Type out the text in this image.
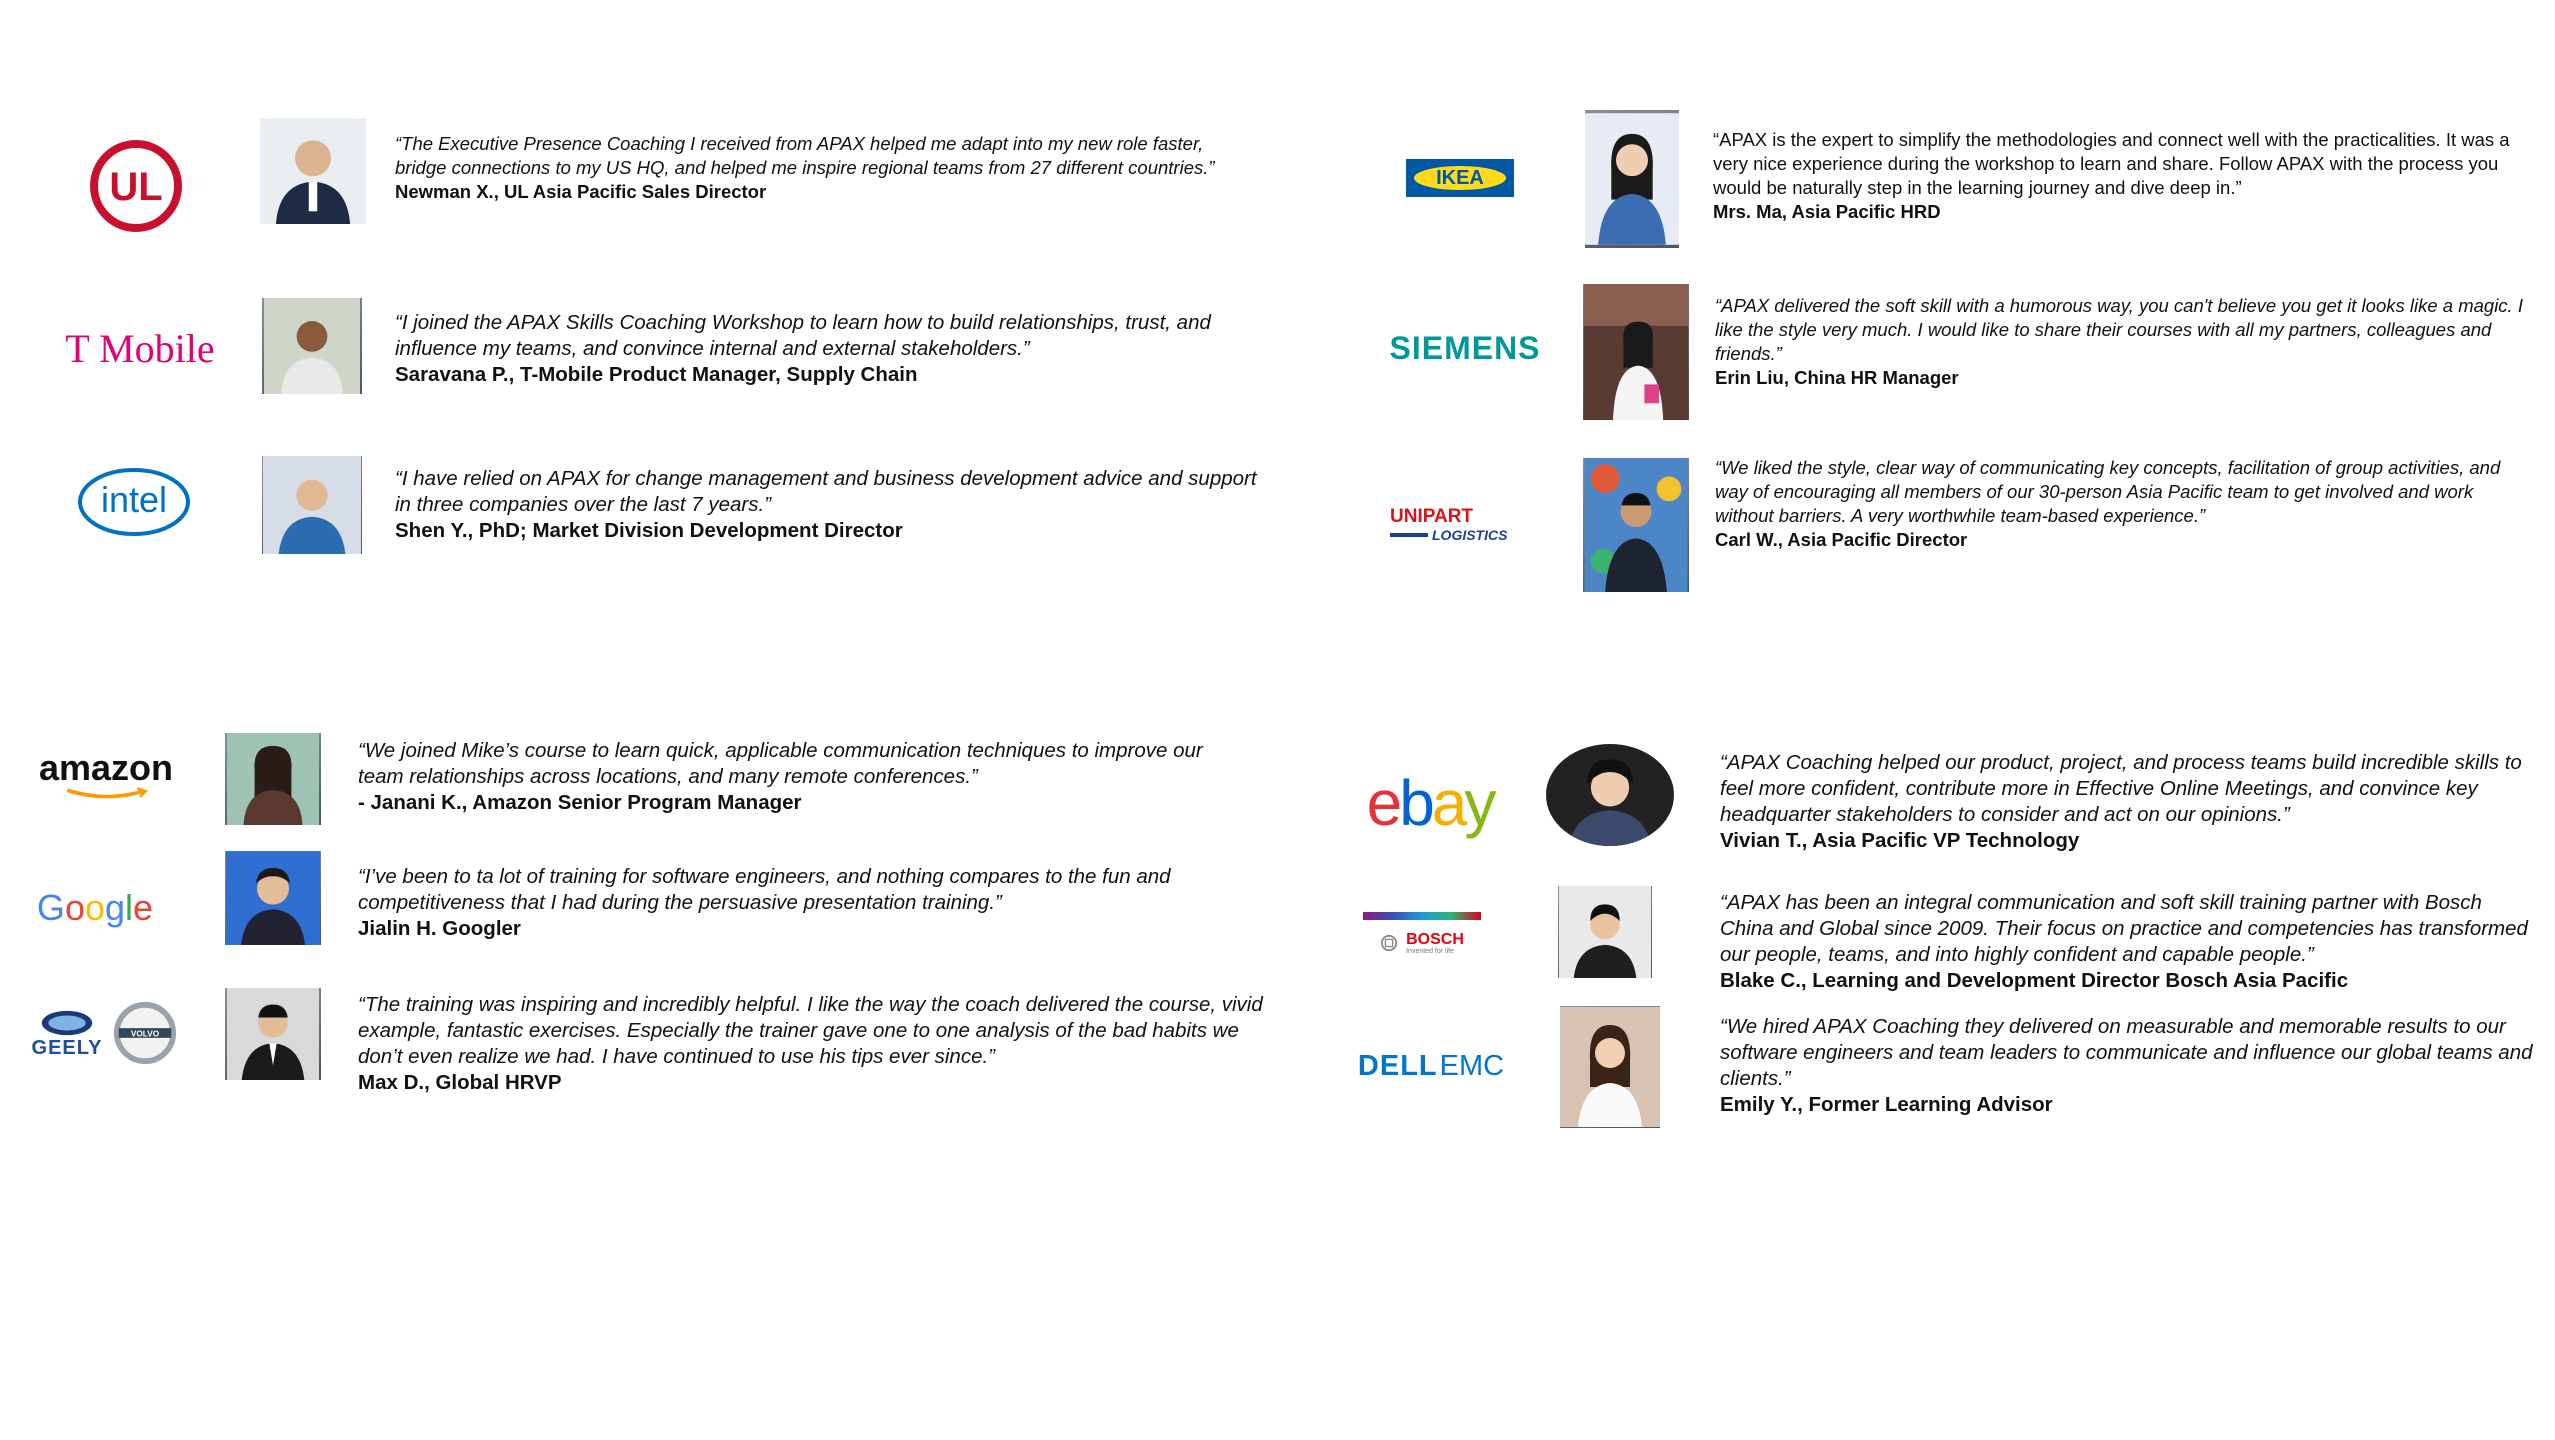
UL
“The Executive Presence Coaching I received from APAX helped me adapt into my new role faster, bridge connections to my US HQ, and helped me inspire regional teams from 27 different countries.”
Newman X., UL Asia Pacific Sales Director
T Mobile
“I joined the APAX Skills Coaching Workshop to learn how to build relationships, trust, and influence my teams, and convince internal and external stakeholders.”
Saravana P., T-Mobile Product Manager, Supply Chain
intel
“I have relied on APAX for change management and business development advice and support in three companies over the last 7 years.”
Shen Y., PhD; Market Division Development Director
amazon	“We joined Mike’s course to learn quick, applicable communication techniques to improve our team relationships across locations, and many remote conferences.”
- Janani K., Amazon Senior Program Manager
Google
“I’ve been to ta lot of training for software engineers, and nothing compares to the fun and competitiveness that I had during the persuasive presentation training.”
Jialin H. Googler
GEELY
VOLVO
“The training was inspiring and incredibly helpful. I like the way the coach delivered the course, vivid example, fantastic exercises. Especially the trainer gave one to one analysis of the bad habits we don’t even realize we had. I have continued to use his tips ever since.”
Max D., Global HRVP
IKEA
“APAX is the expert to simplify the methodologies and connect well with the practicalities. It was a very nice experience during the workshop to learn and share. Follow APAX with the process you would be naturally step in the learning journey and dive deep in.”
Mrs. Ma, Asia Pacific HRD
SIEMENS
“APAX delivered the soft skill with a humorous way, you can't believe you get it looks like a magic. I like the style very much. I would like to share their courses with all my partners, colleagues and friends.”
Erin Liu, China HR Manager
UNIPART
LOGISTICS
“We liked the style, clear way of communicating key concepts, facilitation of group activities, and way of encouraging all members of our 30-person Asia Pacific team to get involved and work without barriers. A very worthwhile team-based experience.”
Carl W., Asia Pacific Director
ebay
“APAX Coaching helped our product, project, and process teams build incredible skills to feel more confident, contribute more in Effective Online Meetings, and convince key headquarter stakeholders to consider and act on our opinions.”
Vivian T., Asia Pacific VP Technology
BOSCH
Invented for life
“APAX has been an integral communication and soft skill training partner with Bosch China and Global since 2009. Their focus on practice and competencies has transformed our people, teams, and into highly confident and capable people.”
Blake C., Learning and Development Director Bosch Asia Pacific
DELL EMC
“We hired APAX Coaching they delivered on measurable and memorable results to our software engineers and team leaders to communicate and influence our global teams and clients.”
Emily Y., Former Learning Advisor
